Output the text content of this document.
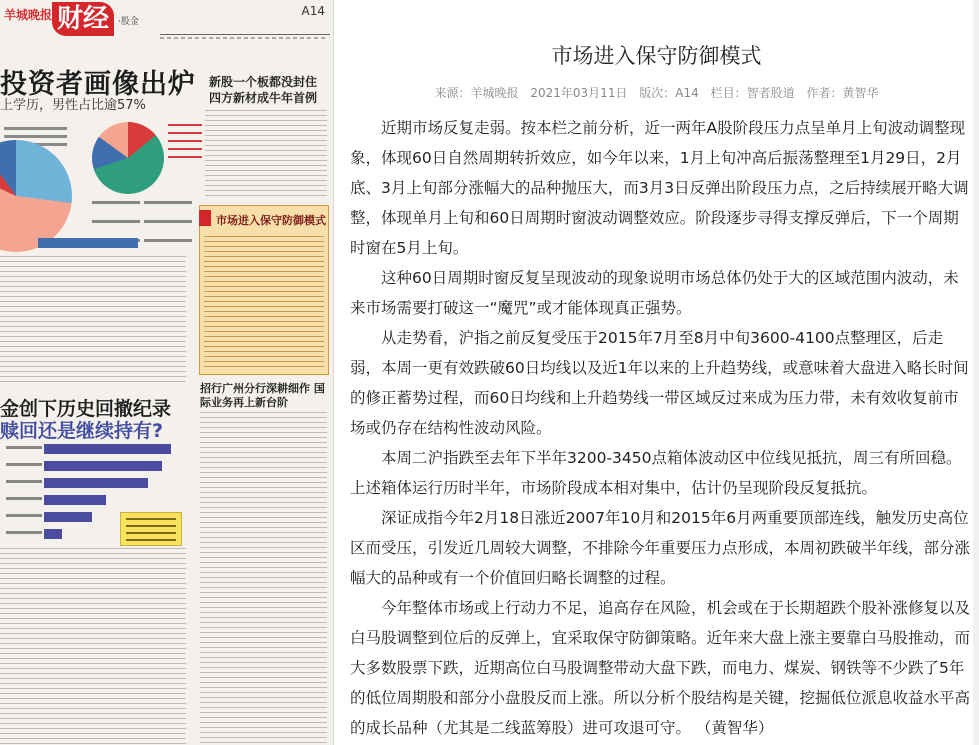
羊城晚报 财经	·股金
A14
投资者画像出炉
上学历，男性占比逾57%
新股一个板都没封住 四方新材成牛年首例
市场进入保守防御模式
金创下历史回撤纪录
赎回还是继续持有?
招行广州分行深耕细作 国际业务再上新台阶
市场进入保守防御模式
来源：羊城晚报 2021年03月11日 版次：A14 栏目：智者股道 作者：黄智华

近期市场反复走弱。按本栏之前分析，近一两年A股阶段压力点呈单月上旬波动调整现象，体现60日自然周期转折效应，如今年以来，1月上旬冲高后振荡整理至1月29日，2月底、3月上旬部分涨幅大的品种抛压大，而3月3日反弹出阶段压力点，之后持续展开略大调整，体现单月上旬和60日周期时窗波动调整效应。阶段逐步寻得支撑反弹后，下一个周期时窗在5月上旬。

这种60日周期时窗反复呈现波动的现象说明市场总体仍处于大的区域范围内波动，未来市场需要打破这一“魔咒”或才能体现真正强势。

从走势看，沪指之前反复受压于2015年7月至8月中旬3600-4100点整理区，后走弱，本周一更有效跌破60日均线以及近1年以来的上升趋势线，或意味着大盘进入略长时间的修正蓄势过程，而60日均线和上升趋势线一带区域反过来成为压力带，未有效收复前市场或仍存在结构性波动风险。

本周二沪指跌至去年下半年3200-3450点箱体波动区中位线见抵抗，周三有所回稳。上述箱体运行历时半年，市场阶段成本相对集中，估计仍呈现阶段反复抵抗。

深证成指今年2月18日涨近2007年10月和2015年6月两重要顶部连线，触发历史高位区而受压，引发近几周较大调整，不排除今年重要压力点形成，本周初跌破半年线，部分涨幅大的品种或有一个价值回归略长调整的过程。

今年整体市场或上行动力不足，追高存在风险，机会或在于长期超跌个股补涨修复以及白马股调整到位后的反弹上，宜采取保守防御策略。近年来大盘上涨主要靠白马股推动，而大多数股票下跌，近期高位白马股调整带动大盘下跌，而电力、煤炭、钢铁等不少跌了5年的低位周期股和部分小盘股反而上涨。所以分析个股结构是关键，挖掘低位派息收益水平高的成长品种（尤其是二线蓝筹股）进可攻退可守。 （黄智华）
